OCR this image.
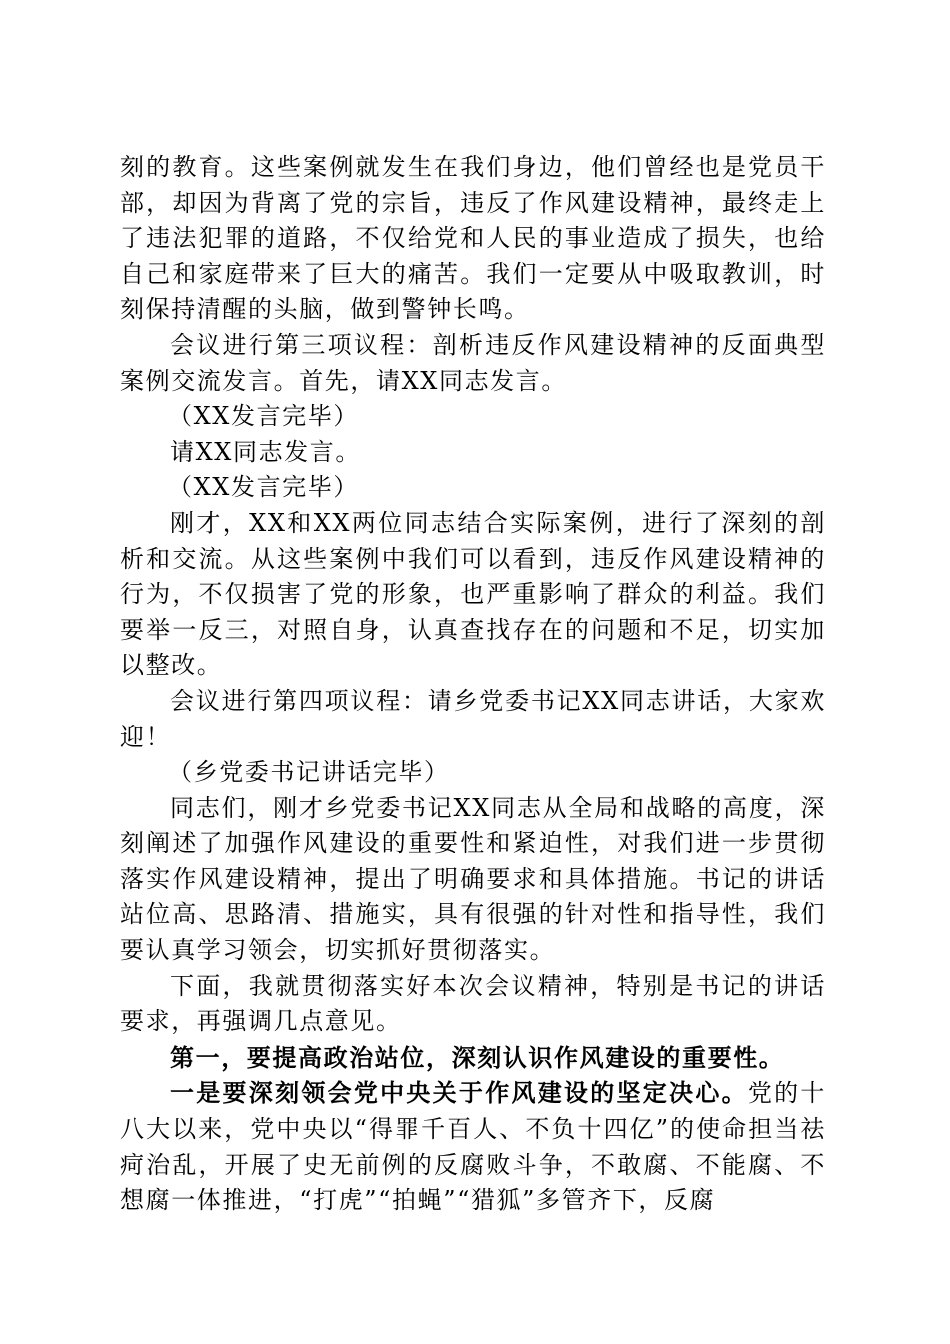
刻的教育。这些案例就发生在我们身边，他们曾经也是党员干部，却因为背离了党的宗旨，违反了作风建设精神，最终走上了违法犯罪的道路，不仅给党和人民的事业造成了损失，也给自己和家庭带来了巨大的痛苦。我们一定要从中吸取教训，时刻保持清醒的头脑，做到警钟长鸣。

会议进行第三项议程：剖析违反作风建设精神的反面典型案例交流发言。首先，请XX同志发言。

（XX发言完毕）

请XX同志发言。

（XX发言完毕）

刚才，XX和XX两位同志结合实际案例，进行了深刻的剖析和交流。从这些案例中我们可以看到，违反作风建设精神的行为，不仅损害了党的形象，也严重影响了群众的利益。我们要举一反三，对照自身，认真查找存在的问题和不足，切实加以整改。

会议进行第四项议程：请乡党委书记XX同志讲话，大家欢迎！

（乡党委书记讲话完毕）

同志们，刚才乡党委书记XX同志从全局和战略的高度，深刻阐述了加强作风建设的重要性和紧迫性，对我们进一步贯彻落实作风建设精神，提出了明确要求和具体措施。书记的讲话站位高、思路清、措施实，具有很强的针对性和指导性，我们要认真学习领会，切实抓好贯彻落实。

下面，我就贯彻落实好本次会议精神，特别是书记的讲话要求，再强调几点意见。

第一，要提高政治站位，深刻认识作风建设的重要性。

一是要深刻领会党中央关于作风建设的坚定决心。党的十八大以来，党中央以“得罪千百人、不负十四亿”的使命担当祛疴治乱，开展了史无前例的反腐败斗争，不敢腐、不能腐、不想腐一体推进，“打虎”“拍蝇”“猎狐”多管齐下，反腐
